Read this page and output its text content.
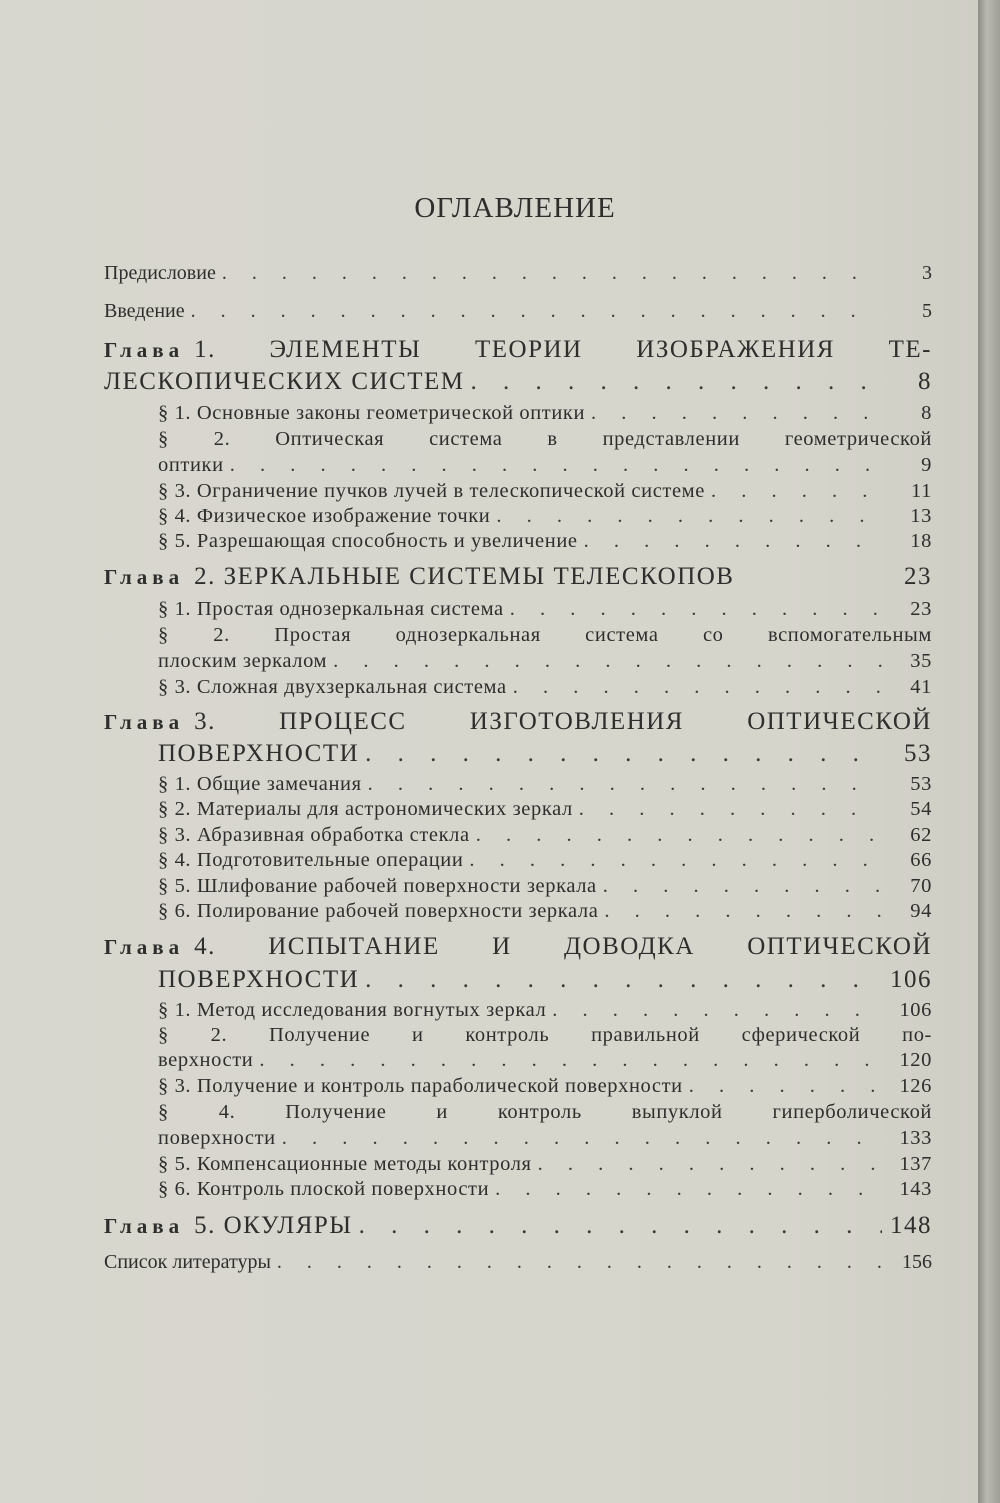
ОГЛАВЛЕНИЕ
Предисловие . . .	3
Введение . . .	5
Глава 1. ЭЛЕМЕНТЫ ТЕОРИИ ИЗОБРАЖЕНИЯ ТЕ-
ЛЕСКОПИЧЕСКИХ СИСТЕМ . . .	8
§ 1. Основные законы геометрической оптики . . .	8
§ 2. Оптическая система в представлении геометрической
оптики . . .	9
§ 3. Ограничение пучков лучей в телескопической системе . . .	11
§ 4. Физическое изображение точки . . .	13
§ 5. Разрешающая способность и увеличение . . .	18
Глава 2. ЗЕРКАЛЬНЫЕ СИСТЕМЫ ТЕЛЕСКОПОВ	23
§ 1. Простая однозеркальная система . . .	23
§ 2. Простая однозеркальная система со вспомогательным
плоским зеркалом . . .	35
§ 3. Сложная двухзеркальная система . . .	41
Глава 3. ПРОЦЕСС ИЗГОТОВЛЕНИЯ ОПТИЧЕСКОЙ
ПОВЕРХНОСТИ . . .	53
§ 1. Общие замечания . . .	53
§ 2. Материалы для астрономических зеркал . . .	54
§ 3. Абразивная обработка стекла . . .	62
§ 4. Подготовительные операции . . .	66
§ 5. Шлифование рабочей поверхности зеркала . . .	70
§ 6. Полирование рабочей поверхности зеркала . . .	94
Глава 4. ИСПЫТАНИЕ И ДОВОДКА ОПТИЧЕСКОЙ
ПОВЕРХНОСТИ . . .	106
§ 1. Метод исследования вогнутых зеркал . . .	106
§ 2. Получение и контроль правильной сферической по-
верхности . . .	120
§ 3. Получение и контроль параболической поверхности . . .	126
§ 4. Получение и контроль выпуклой гиперболической
поверхности . . .	133
§ 5. Компенсационные методы контроля . . .	137
§ 6. Контроль плоской поверхности . . .	143
Глава 5. ОКУЛЯРЫ . . .	148
Список литературы . . .	156
